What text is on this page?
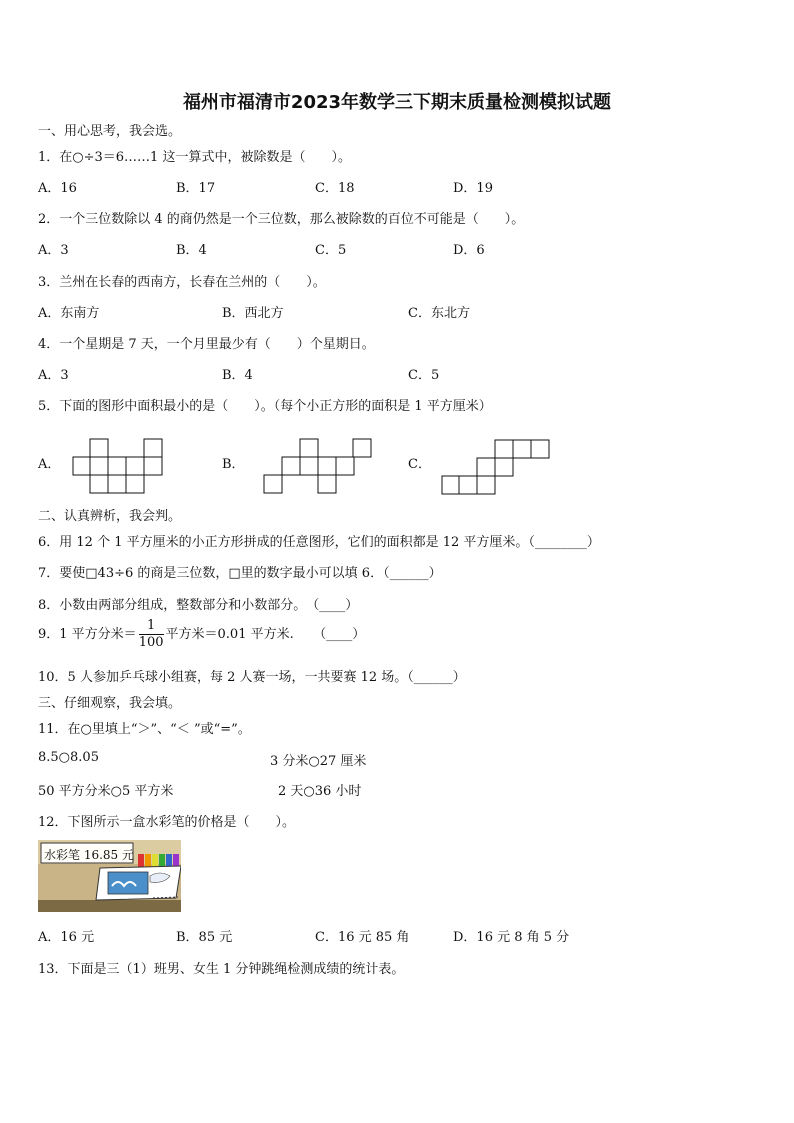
福州市福清市2023年数学三下期末质量检测模拟试题
一、用心思考，我会选。
1．在○÷3＝6……1 这一算式中，被除数是（　　）。
A．16	B．17	C．18	D．19
2．一个三位数除以 4 的商仍然是一个三位数，那么被除数的百位不可能是（　　）。
A．3	B．4	C．5	D．6
3．兰州在长春的西南方，长春在兰州的（　　）。
A．东南方	B．西北方	C．东北方
4．一个星期是 7 天，一个月里最少有（　　）个星期日。
A．3	B．4	C．5
5．下面的图形中面积最小的是（　　）。（每个小正方形的面积是 1 平方厘米）
A．	B．	C．
二、认真辨析，我会判。
6．用 12 个 1 平方厘米的小正方形拼成的任意图形，它们的面积都是 12 平方厘米。（________）
7．要使□43÷6 的商是三位数，□里的数字最小可以填 6．（______）
8．小数由两部分组成，整数部分和小数部分。　（____）
9．1 平方分米＝ $\frac{1}{100}$ 平方米＝0.01 平方米.　　（____）
10．5 人参加乒乓球小组赛，每 2 人赛一场，一共要赛 12 场。（______）
三、仔细观察，我会填。
11．在○里填上“＞”、“＜ ”或“=”。
8.5○8.05	3 分米○27 厘米
50 平方分米○5 平方米	2 天○36 小时
12．下图所示一盒水彩笔的价格是（　　）。
水彩笔 16.85 元
A．16 元	B．85 元	C．16 元 85 角	D．16 元 8 角 5 分
13．下面是三（1）班男、女生 1 分钟跳绳检测成绩的统计表。
